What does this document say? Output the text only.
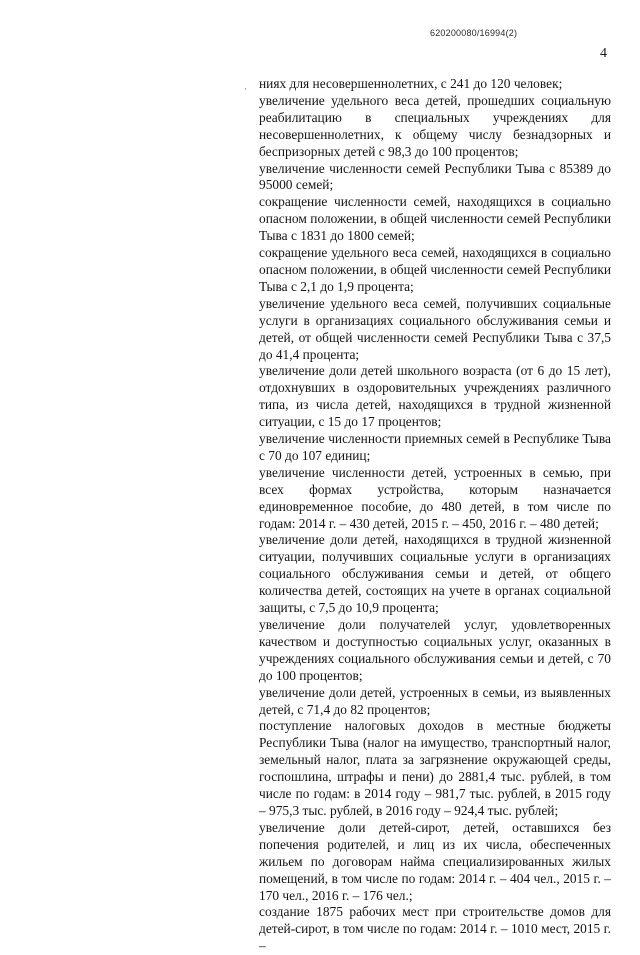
620200080/16994(2)
4
· ниях для несовершеннолетних, с 241 до 120 человек;

увеличение удельного веса детей, прошедших социальную реабилитацию в специальных учреждениях для несовершеннолетних, к общему числу безнадзорных и беспризорных детей с 98,3 до 100 процентов;

увеличение численности семей Республики Тыва с 85389 до 95000 семей;

сокращение численности семей, находящихся в социально опасном положении, в общей численности семей Республики Тыва с 1831 до 1800 семей;

сокращение удельного веса семей, находящихся в социально опасном положении, в общей численности семей Республики Тыва с 2,1 до 1,9 процента;

увеличение удельного веса семей, получивших социальные услуги в организациях социального обслуживания семьи и детей, от общей численности семей Республики Тыва с 37,5 до 41,4 процента;

увеличение доли детей школьного возраста (от 6 до 15 лет), отдохнувших в оздоровительных учреждениях различного типа, из числа детей, находящихся в трудной жизненной ситуации, с 15 до 17 процентов;

увеличение численности приемных семей в Республике Тыва с 70 до 107 единиц;

увеличение численности детей, устроенных в семью, при всех формах устройства, которым назначается единовременное пособие, до 480 детей, в том числе по годам: 2014 г. – 430 детей, 2015 г. – 450, 2016 г. – 480 детей;

увеличение доли детей, находящихся в трудной жизненной ситуации, получивших социальные услуги в организациях социального обслуживания семьи и детей, от общего количества детей, состоящих на учете в органах социальной защиты, с 7,5 до 10,9 процента;

увеличение доли получателей услуг, удовлетворенных качеством и доступностью социальных услуг, оказанных в учреждениях социального обслуживания семьи и детей, с 70 до 100 процентов;

увеличение доли детей, устроенных в семьи, из выявленных детей, с 71,4 до 82 процентов;

поступление налоговых доходов в местные бюджеты Республики Тыва (налог на имущество, транспортный налог, земельный налог, плата за загрязнение окружающей среды, госпошлина, штрафы и пени) до 2881,4 тыс. рублей, в том числе по годам: в 2014 году – 981,7 тыс. рублей, в 2015 году – 975,3 тыс. рублей, в 2016 году – 924,4 тыс. рублей;

увеличение доли детей-сирот, детей, оставшихся без попечения родителей, и лиц из их числа, обеспеченных жильем по договорам найма специализированных жилых помещений, в том числе по годам: 2014 г. – 404 чел., 2015 г. – 170 чел., 2016 г. – 176 чел.;

создание 1875 рабочих мест при строительстве домов для детей-сирот, в том числе по годам: 2014 г. – 1010 мест, 2015 г. –
